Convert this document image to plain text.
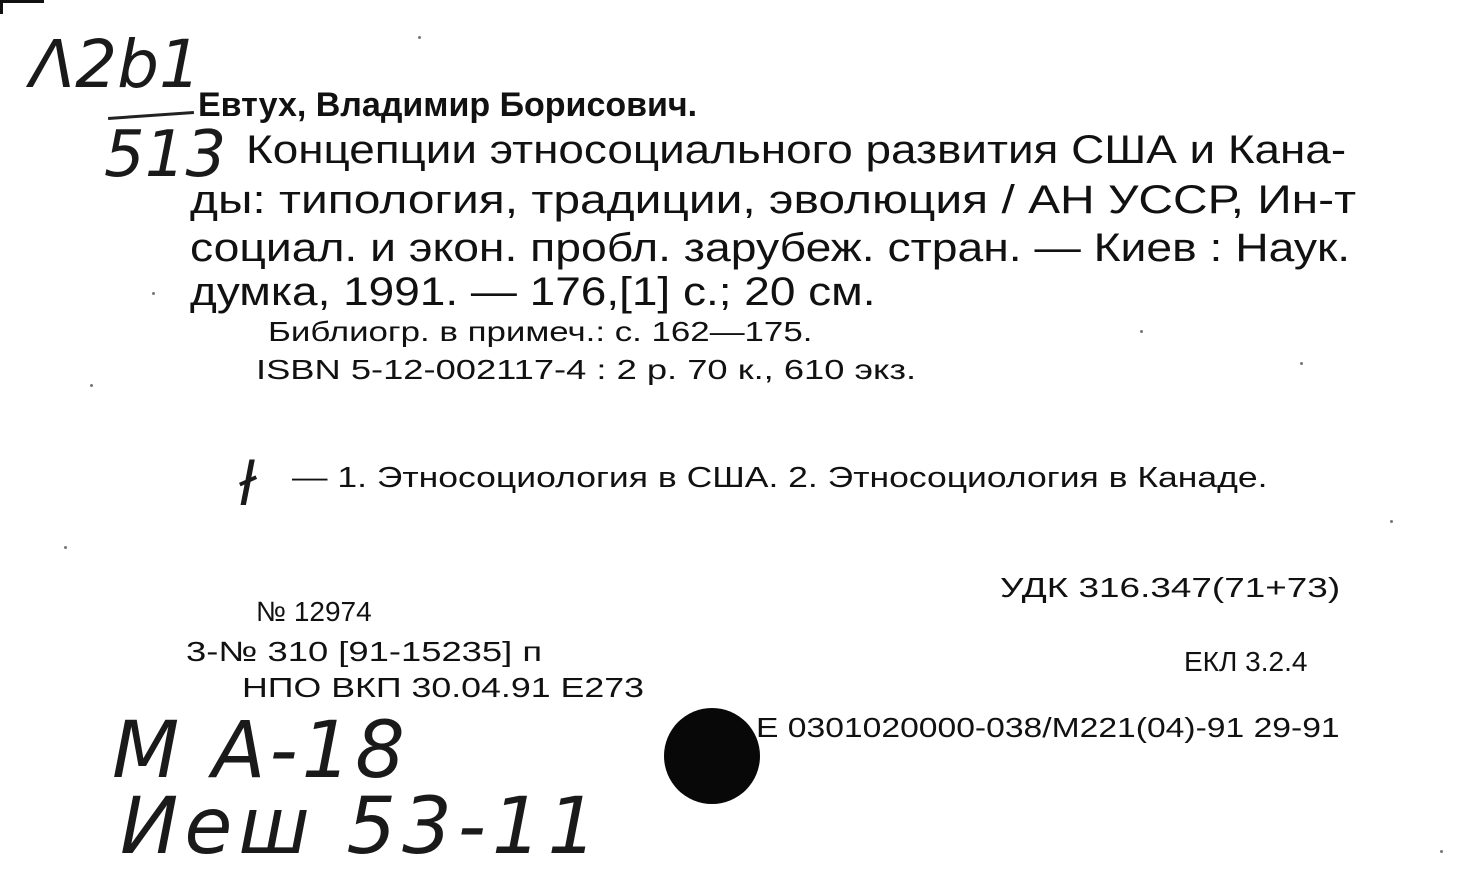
Λ2b1
513
Евтух, Владимир Борисович.
Концепции этносоциального развития США и Кана-
ды: типология, традиции, эволюция / АН УССР, Ин-т
социал. и экон. пробл. зарубеж. стран. — Киев : Наук.
думка, 1991. — 176,[1] с.; 20 см.
Библиогр. в примеч.: с. 162—175.
ISBN 5-12-002117-4 : 2 р. 70 к., 610 экз.
ł — 1. Этносоциология в США. 2. Этносоциология в Канаде.
№ 12974
3-№ 310 [91-15235] п
НПО ВКП 30.04.91 Е273
УДК 316.347(71+73)
ЕКЛ 3.2.4
Е 0301020000-038/М221(04)-91 29-91
M A-18
Иеш 53-11
